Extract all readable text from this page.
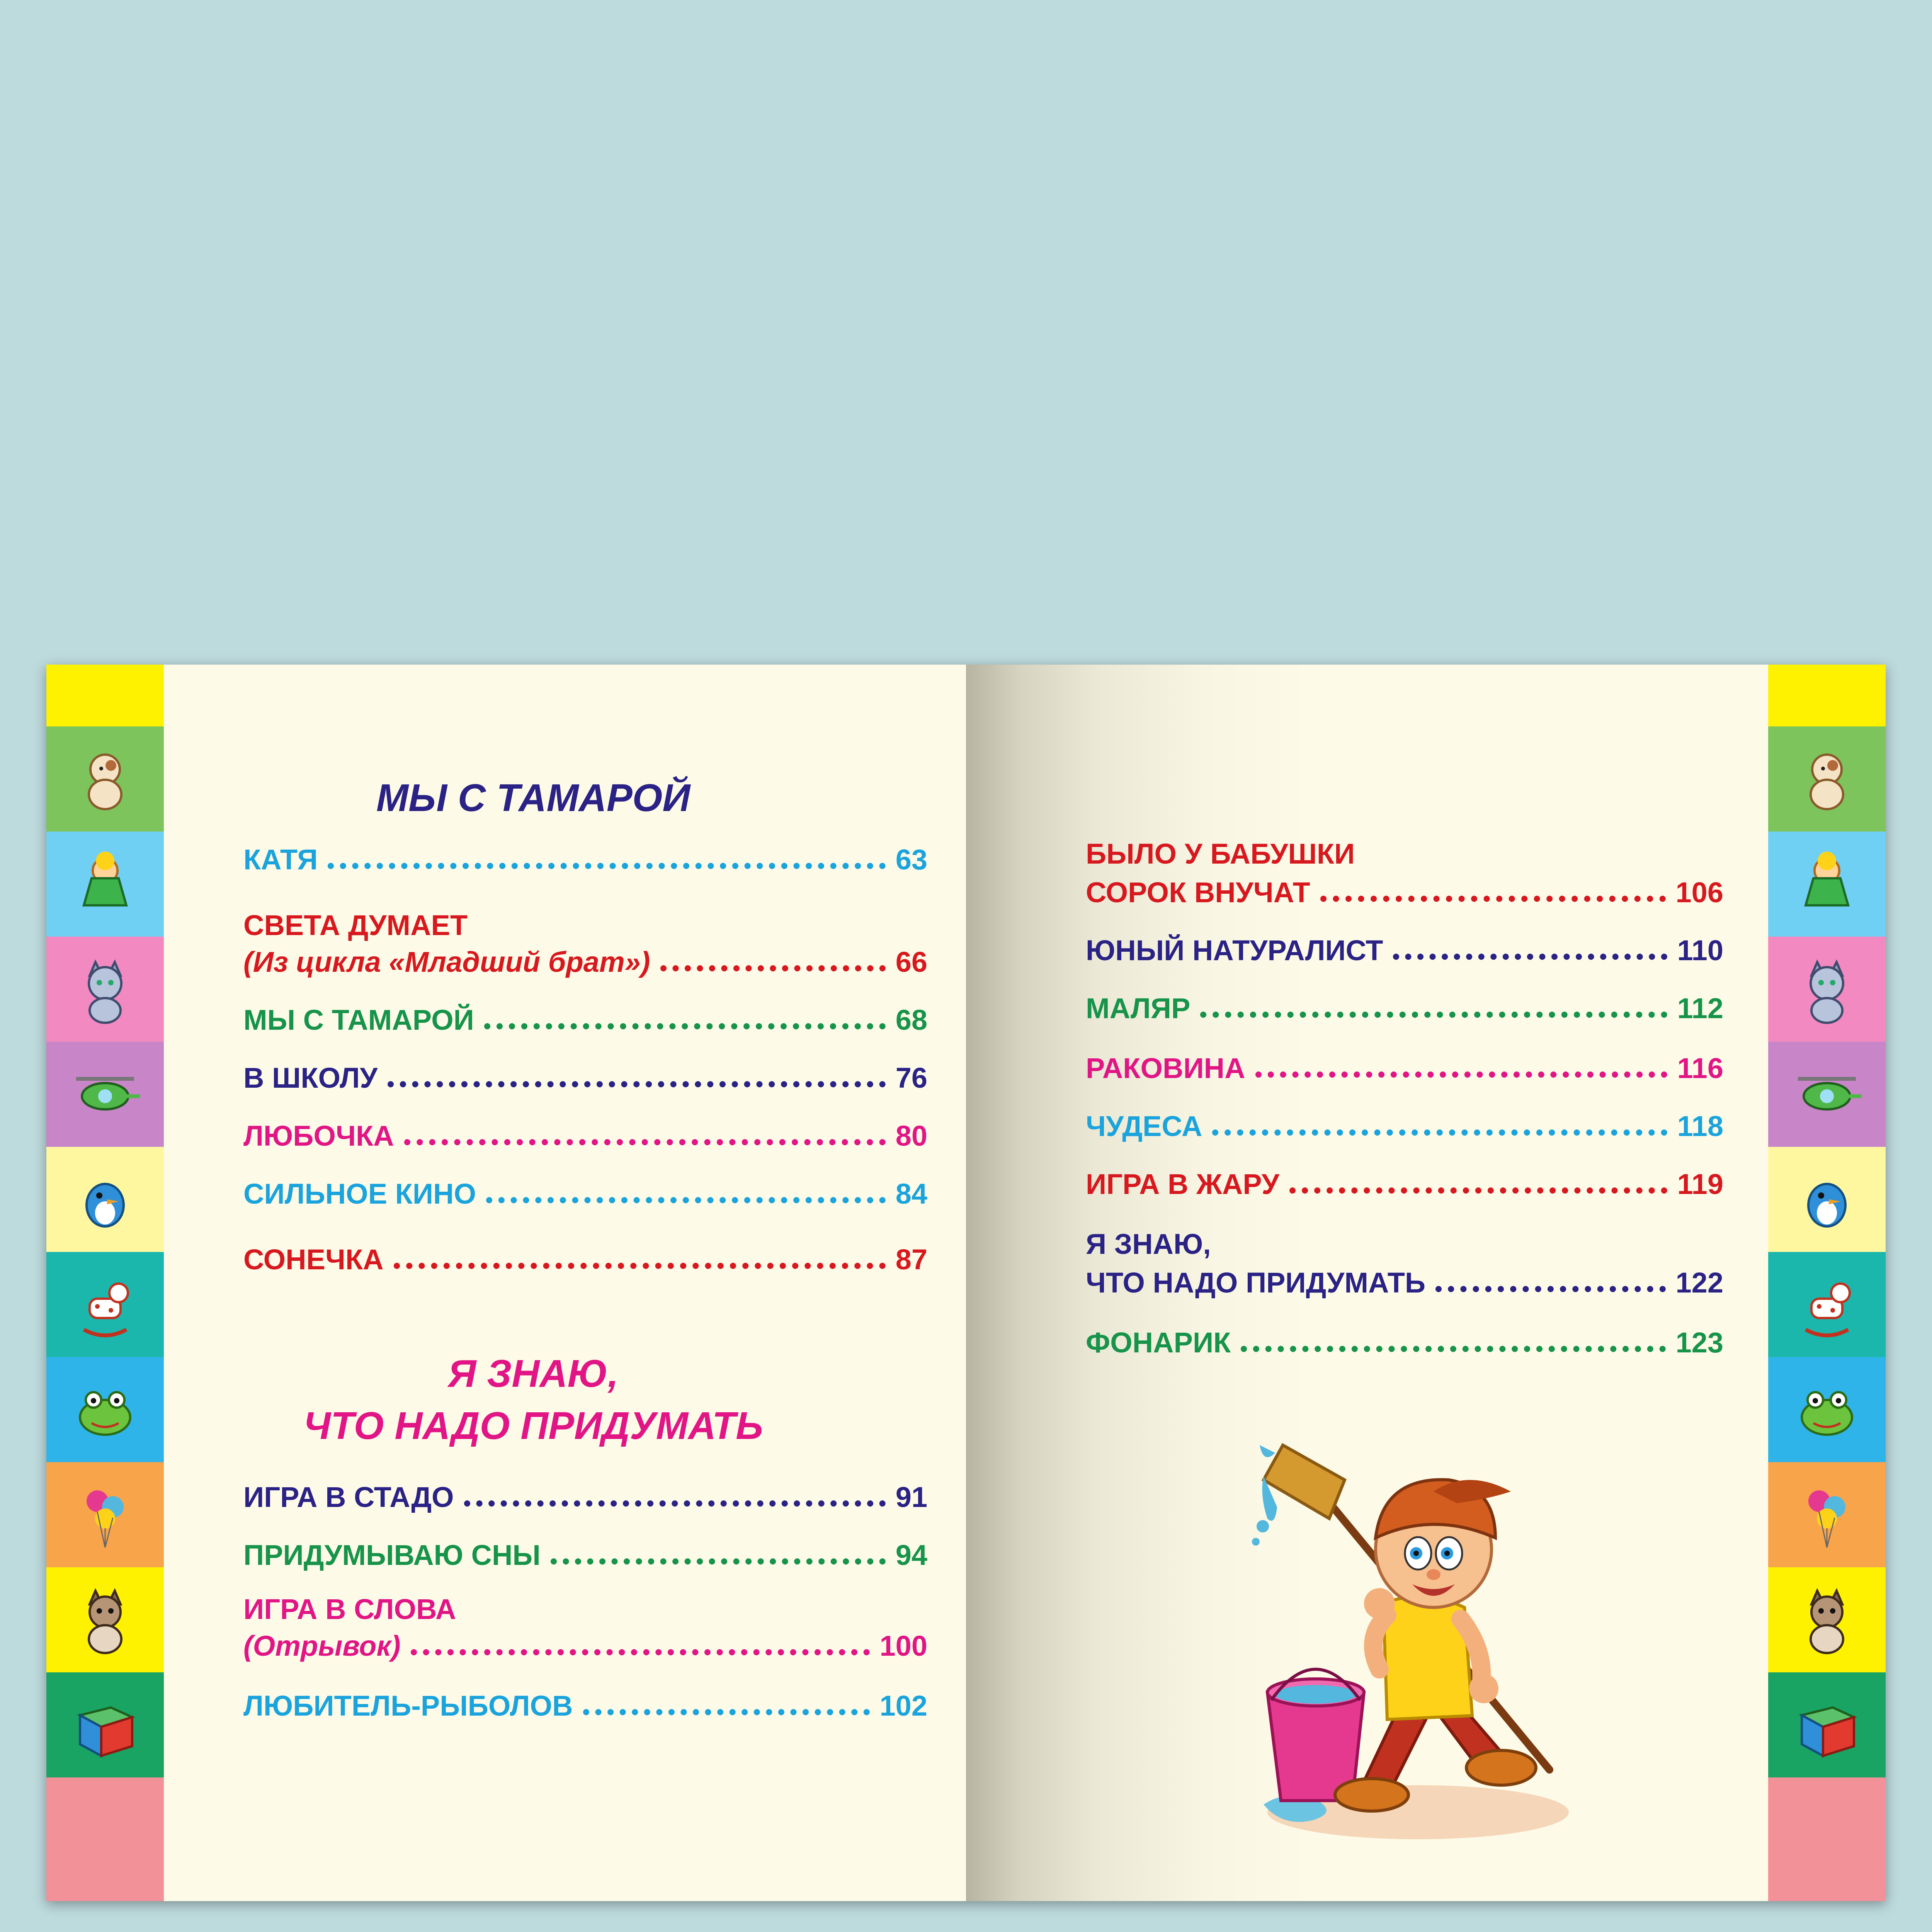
МЫ С ТАМАРОЙ
КАТЯ	63
СВЕТА ДУМАЕТ
(Из цикла «Младший брат»)	66
МЫ С ТАМАРОЙ	68
В ШКОЛУ	76
ЛЮБОЧКА	80
СИЛЬНОЕ КИНО	84
СОНЕЧКА	87
Я ЗНАЮ,
ЧТО НАДО ПРИДУМАТЬ
ИГРА В СТАДО	91
ПРИДУМЫВАЮ СНЫ	94
ИГРА В СЛОВА
(Отрывок)	100
ЛЮБИТЕЛЬ-РЫБОЛОВ	102
БЫЛО У БАБУШКИ
СОРОК ВНУЧАТ	106
ЮНЫЙ НАТУРАЛИСТ	110
МАЛЯР	112
РАКОВИНА	116
ЧУДЕСА	118
ИГРА В ЖАРУ	119
Я ЗНАЮ,
ЧТО НАДО ПРИДУМАТЬ	122
ФОНАРИК	123
